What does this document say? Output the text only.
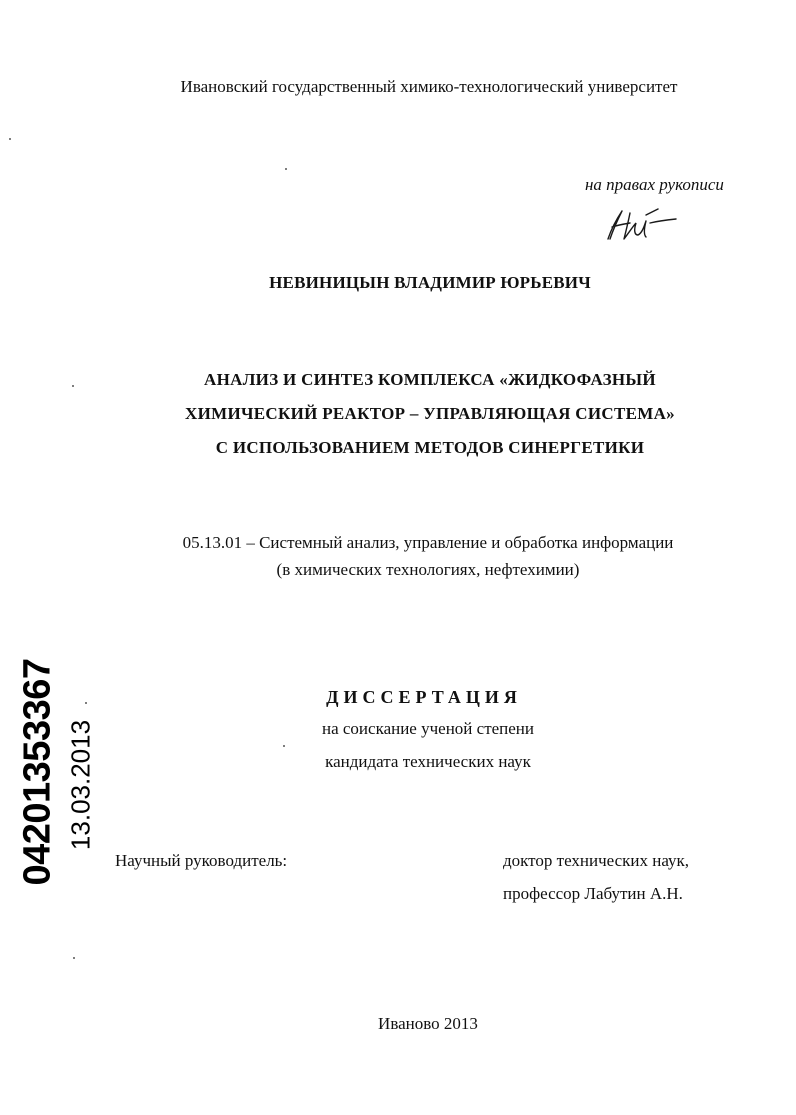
Ивановский государственный химико-технологический университет
на правах рукописи
НЕВИНИЦЫН ВЛАДИМИР ЮРЬЕВИЧ
АНАЛИЗ И СИНТЕЗ КОМПЛЕКСА «ЖИДКОФАЗНЫЙ
ХИМИЧЕСКИЙ РЕАКТОР – УПРАВЛЯЮЩАЯ СИСТЕМА»
С ИСПОЛЬЗОВАНИЕМ МЕТОДОВ СИНЕРГЕТИКИ
05.13.01 – Системный анализ, управление и обработка информации
(в химических технологиях, нефтехимии)
ДИССЕРТАЦИЯ
на соискание ученой степени
кандидата технических наук
Научный руководитель:	доктор технических наук,
профессор Лабутин А.Н.
Иваново 2013
04201353367 13.03.2013
